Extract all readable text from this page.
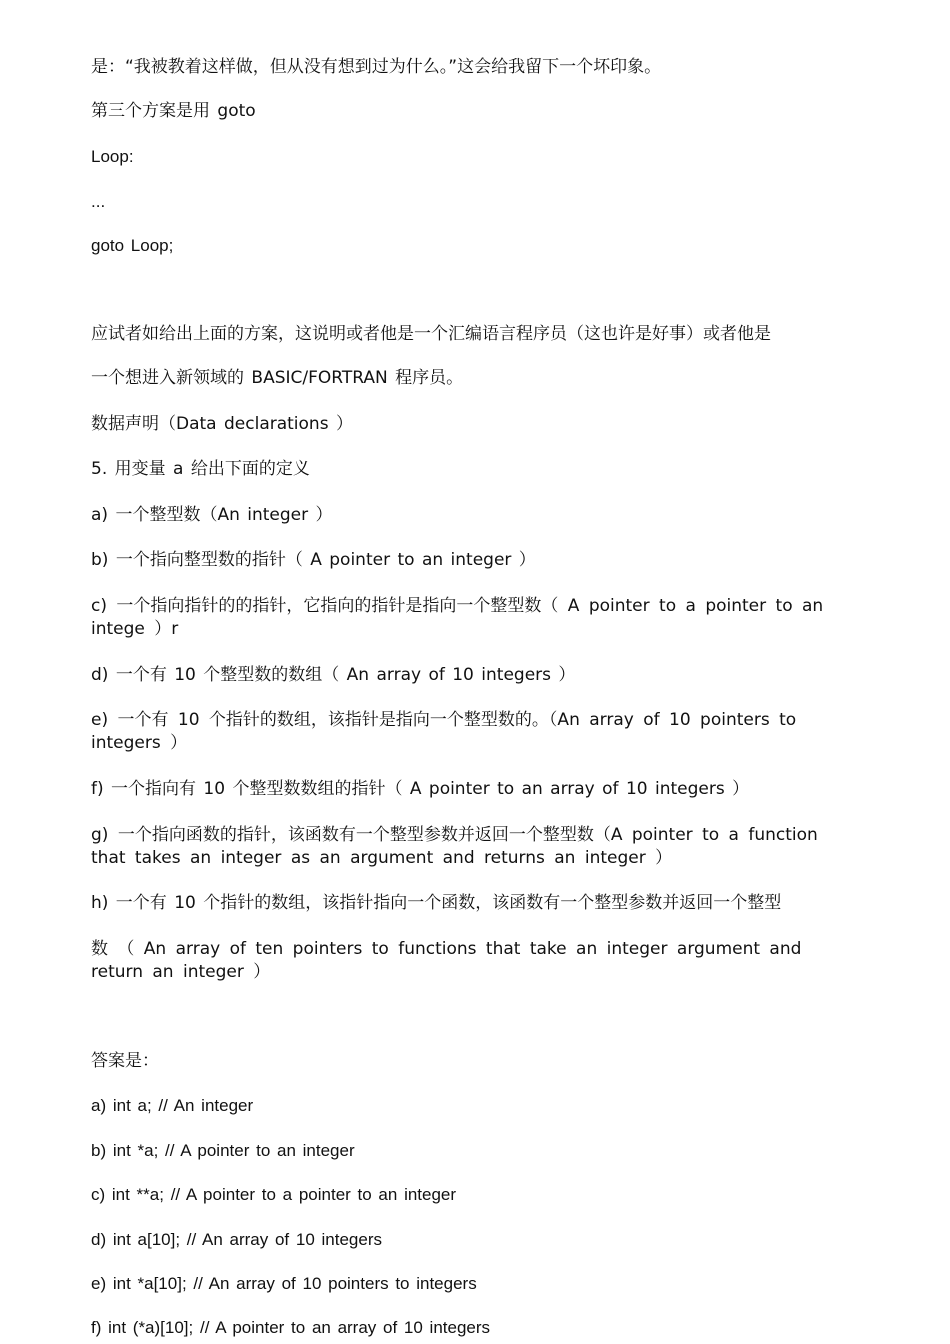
是：“我被教着这样做，但从没有想到过为什么。”这会给我留下一个坏印象。
第三个方案是用 goto
Loop:
...
goto Loop;
应试者如给出上面的方案，这说明或者他是一个汇编语言程序员（这也许是好事）或者他是
一个想进入新领域的 BASIC/FORTRAN 程序员。
数据声明（Data declarations ）
5. 用变量 a 给出下面的定义
a) 一个整型数（An integer ）
b) 一个指向整型数的指针（ A pointer to an integer ）
c) 一个指向指针的的指针，它指向的指针是指向一个整型数（ A pointer to a pointer to an intege ）r
d) 一个有 10 个整型数的数组（ An array of 10 integers ）
e) 一个有 10 个指针的数组，该指针是指向一个整型数的。（An array of 10 pointers to integers ）
f) 一个指向有 10 个整型数数组的指针（ A pointer to an array of 10 integers ）
g) 一个指向函数的指针，该函数有一个整型参数并返回一个整型数（A pointer to a function that takes an integer as an argument and returns an integer ）
h) 一个有 10 个指针的数组，该指针指向一个函数，该函数有一个整型参数并返回一个整型
数 （ An array of ten pointers to functions that take an integer argument and return an integer ）
答案是：
a) int a; // An integer
b) int *a; // A pointer to an integer
c) int **a; // A pointer to a pointer to an integer
d) int a[10]; // An array of 10 integers
e) int *a[10]; // An array of 10 pointers to integers
f) int (*a)[10]; // A pointer to an array of 10 integers
